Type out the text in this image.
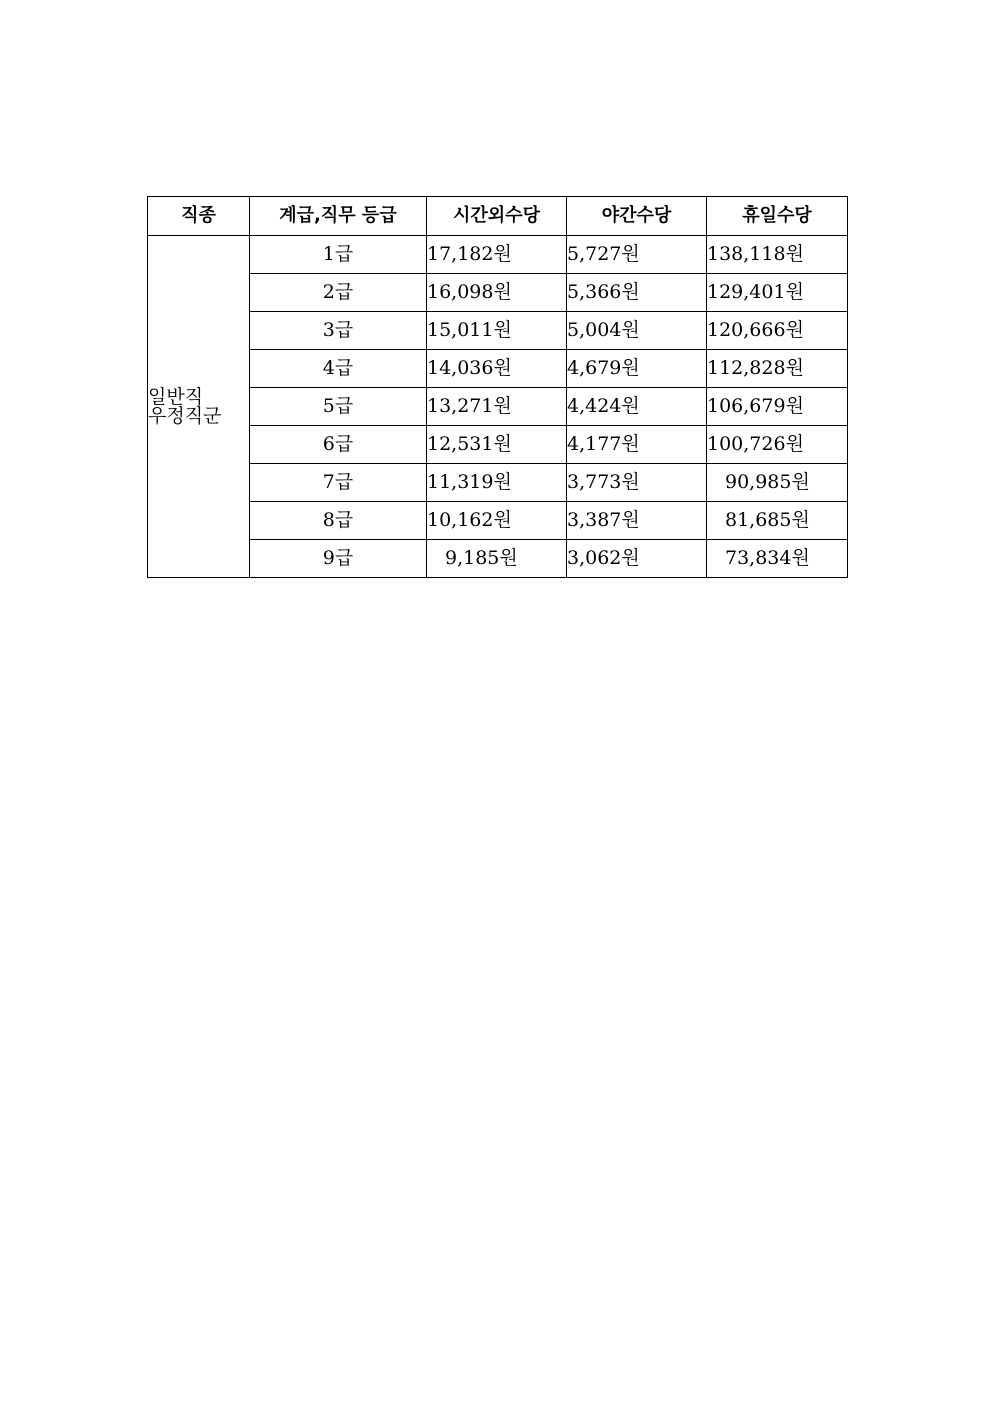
직종	계급,직무 등급	시간외수당	야간수당	휴일수당

일반직
우정직군	1급	17,182원	5,727원	138,118원
	2급	16,098원	5,366원	129,401원
	3급	15,011원	5,004원	120,666원
	4급	14,036원	4,679원	112,828원
	5급	13,271원	4,424원	106,679원
	6급	12,531원	4,177원	100,726원
	7급	11,319원	3,773원	90,985원
	8급	10,162원	3,387원	81,685원
	9급	9,185원	3,062원	73,834원
